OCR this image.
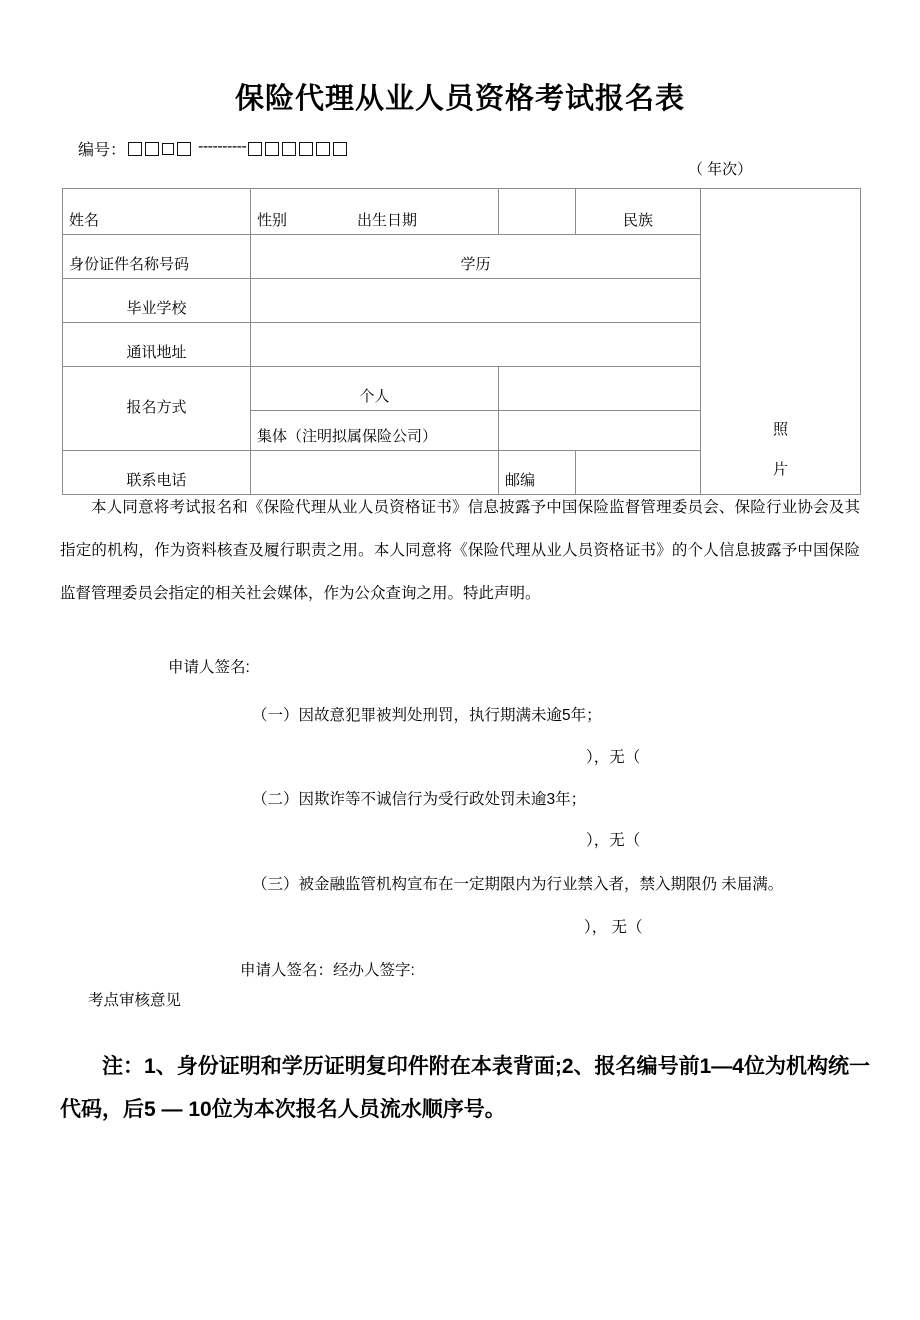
保险代理从业人员资格考试报名表
编号：	----------
（ 年次）
姓名	性别 出生日期		民族	照
片

身份证件名称号码	学历			
毕业学校				
通讯地址				
报名方式	个人			
	集体（注明拟属保险公司）			
联系电话		邮编		
本人同意将考试报名和《保险代理从业人员资格证书》信息披露予中国保险监督管理委员会、保险行业协会及其指定的机构，作为资料核查及履行职责之用。本人同意将《保险代理从业人员资格证书》的个人信息披露予中国保险监督管理委员会指定的相关社会媒体，作为公众查询之用。特此声明。
申请人签名:
（一）因故意犯罪被判处刑罚，执行期满未逾5年；
），无（
（二）因欺诈等不诚信行为受行政处罚未逾3年；
），无（
（三）被金融监管机构宣布在一定期限内为行业禁入者，禁入期限仍 未届满。
）， 无（
申请人签名：经办人签字:
考点审核意见
注：1、身份证明和学历证明复印件附在本表背面;2、报名编号前1—4位为机构统一代码，后5 — 10位为本次报名人员流水顺序号。
